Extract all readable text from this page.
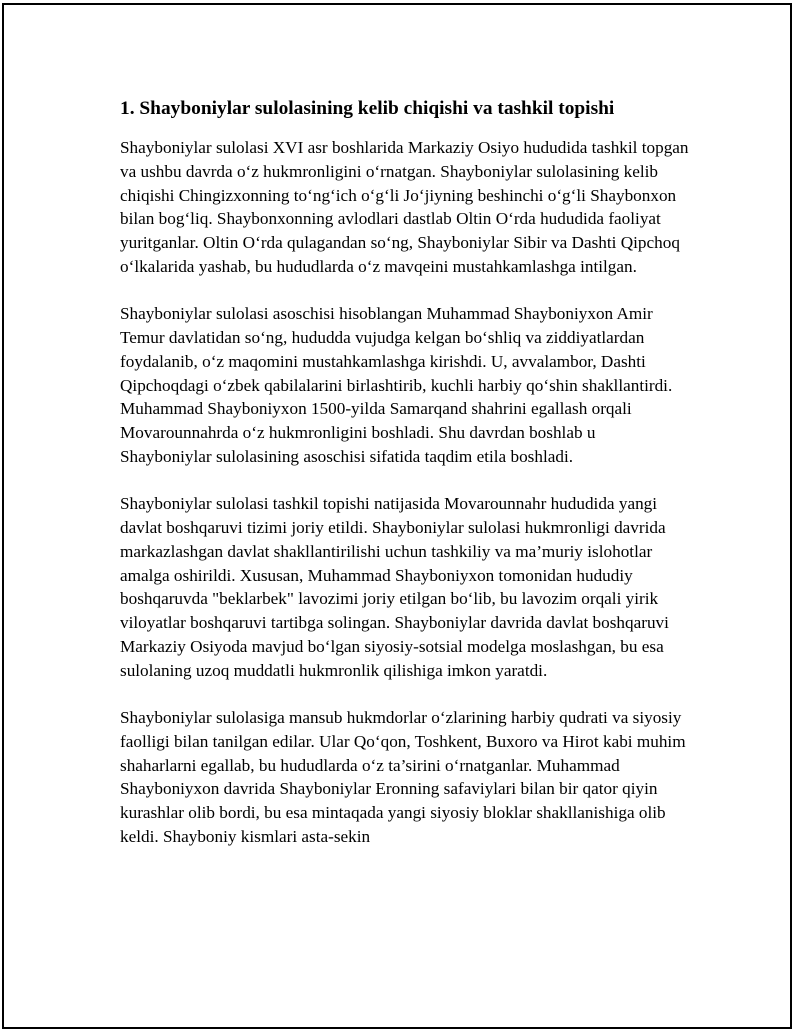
1. Shayboniylar sulolasining kelib chiqishi va tashkil topishi

Shayboniylar sulolasi XVI asr boshlarida Markaziy Osiyo hududida tashkil topgan va ushbu davrda o‘z hukmronligini o‘rnatgan. Shayboniylar sulolasining kelib chiqishi Chingizxonning to‘ng‘ich o‘g‘li Jo‘jiyning beshinchi o‘g‘li Shaybonxon bilan bog‘liq. Shaybonxonning avlodlari dastlab Oltin O‘rda hududida faoliyat yuritganlar. Oltin O‘rda qulagandan so‘ng, Shayboniylar Sibir va Dashti Qipchoq o‘lkalarida yashab, bu hududlarda o‘z mavqeini mustahkamlashga intilgan.

Shayboniylar sulolasi asoschisi hisoblangan Muhammad Shayboniyxon Amir Temur davlatidan so‘ng, hududda vujudga kelgan bo‘shliq va ziddiyatlardan foydalanib, o‘z maqomini mustahkamlashga kirishdi. U, avvalambor, Dashti Qipchoqdagi o‘zbek qabilalarini birlashtirib, kuchli harbiy qo‘shin shakllantirdi. Muhammad Shayboniyxon 1500-yilda Samarqand shahrini egallash orqali Movarounnahrda o‘z hukmronligini boshladi. Shu davrdan boshlab u Shayboniylar sulolasining asoschisi sifatida taqdim etila boshladi.

Shayboniylar sulolasi tashkil topishi natijasida Movarounnahr hududida yangi davlat boshqaruvi tizimi joriy etildi. Shayboniylar sulolasi hukmronligi davrida markazlashgan davlat shakllantirilishi uchun tashkiliy va ma’muriy islohotlar amalga oshirildi. Xususan, Muhammad Shayboniyxon tomonidan hududiy boshqaruvda "beklarbek" lavozimi joriy etilgan bo‘lib, bu lavozim orqali yirik viloyatlar boshqaruvi tartibga solingan. Shayboniylar davrida davlat boshqaruvi Markaziy Osiyoda mavjud bo‘lgan siyosiy-sotsial modelga moslashgan, bu esa sulolaning uzoq muddatli hukmronlik qilishiga imkon yaratdi.

Shayboniylar sulolasiga mansub hukmdorlar o‘zlarining harbiy qudrati va siyosiy faolligi bilan tanilgan edilar. Ular Qo‘qon, Toshkent, Buxoro va Hirot kabi muhim shaharlarni egallab, bu hududlarda o‘z ta’sirini o‘rnatganlar. Muhammad Shayboniyxon davrida Shayboniylar Eronning safaviylari bilan bir qator qiyin kurashlar olib bordi, bu esa mintaqada yangi siyosiy bloklar shakllanishiga olib keldi. Shayboniy kismlari asta-sekin
